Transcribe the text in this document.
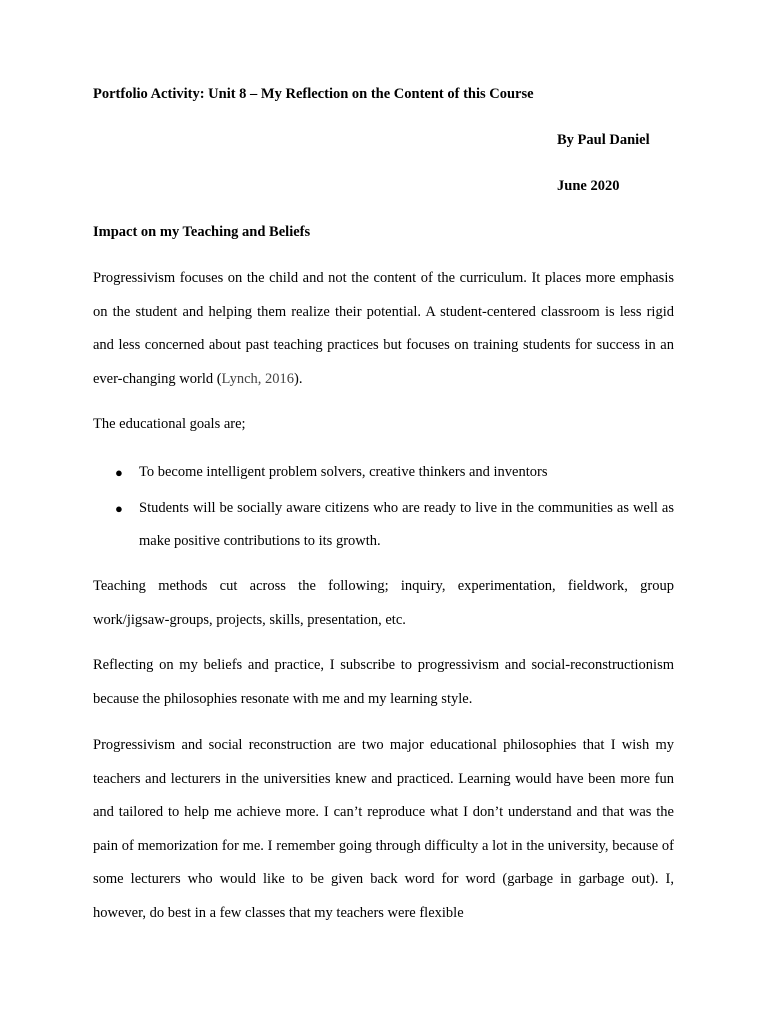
Portfolio Activity: Unit 8 – My Reflection on the Content of this Course
By Paul Daniel
June 2020
Impact on my Teaching and Beliefs

Progressivism focuses on the child and not the content of the curriculum. It places more emphasis on the student and helping them realize their potential. A student-centered classroom is less rigid and less concerned about past teaching practices but focuses on training students for success in an ever-changing world (Lynch, 2016).

The educational goals are;

● To become intelligent problem solvers, creative thinkers and inventors
● Students will be socially aware citizens who are ready to live in the communities as well as make positive contributions to its growth.

Teaching methods cut across the following; inquiry, experimentation, fieldwork, group work/jigsaw-groups, projects, skills, presentation, etc.

Reflecting on my beliefs and practice, I subscribe to progressivism and social-reconstructionism because the philosophies resonate with me and my learning style.

Progressivism and social reconstruction are two major educational philosophies that I wish my teachers and lecturers in the universities knew and practiced. Learning would have been more fun and tailored to help me achieve more. I can’t reproduce what I don’t understand and that was the pain of memorization for me. I remember going through difficulty a lot in the university, because of some lecturers who would like to be given back word for word (garbage in garbage out). I, however, do best in a few classes that my teachers were flexible
